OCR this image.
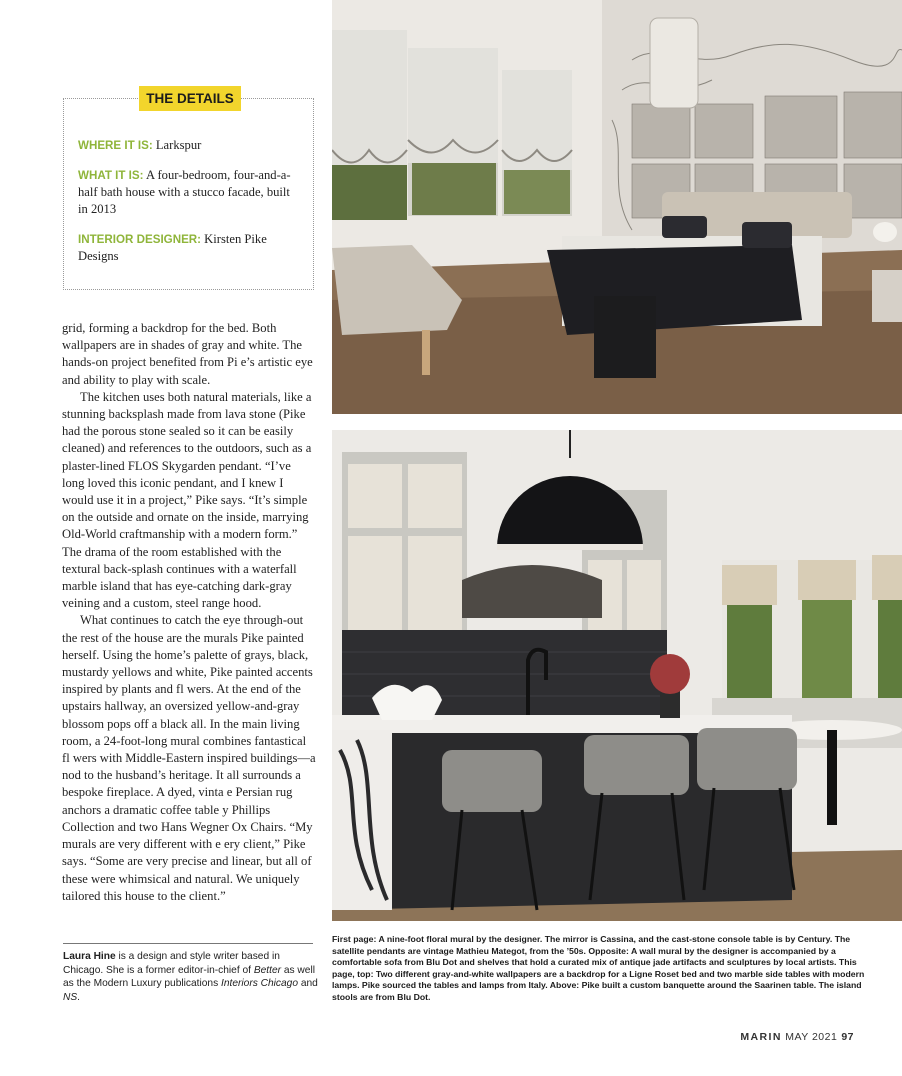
THE DETAILS
WHERE IT IS: Larkspur
WHAT IT IS: A four-bedroom, four-and-a-half bath house with a stucco facade, built in 2013
INTERIOR DESIGNER: Kirsten Pike Designs

grid, forming a backdrop for the bed. Both wallpapers are in shades of gray and white. The hands-on project benefited from Pi e’s artistic eye and ability to play with scale.

The kitchen uses both natural materials, like a stunning backsplash made from lava stone (Pike had the porous stone sealed so it can be easily cleaned) and references to the outdoors, such as a plaster-lined FLOS Skygarden pendant. “I’ve long loved this iconic pendant, and I knew I would use it in a project,” Pike says. “It’s simple on the outside and ornate on the inside, marrying Old-World craftmanship with a modern form.” The drama of the room established with the textural back-splash continues with a waterfall marble island that has eye-catching dark-gray veining and a custom, steel range hood.

What continues to catch the eye through-out the rest of the house are the murals Pike painted herself. Using the home’s palette of grays, black, mustardy yellows and white, Pike painted accents inspired by plants and fl wers. At the end of the upstairs hallway, an oversized yellow-and-gray blossom pops off a black all. In the main living room, a 24-foot-long mural combines fantastical fl wers with Middle-Eastern inspired buildings—a nod to the husband’s heritage. It all surrounds a bespoke fireplace. A dyed, vinta e Persian rug anchors a dramatic coffee table y Phillips Collection and two Hans Wegner Ox Chairs. “My murals are very different with e ery client,” Pike says. “Some are very precise and linear, but all of these were whimsical and natural. We uniquely tailored this house to the client.”

Laura Hine is a design and style writer based in Chicago. She is a former editor-in-chief of Better as well as the Modern Luxury publications Interiors Chicago and NS.
First page: A nine-foot floral mural by the designer. The mirror is Cassina, and the cast-stone console table is by Century. The satellite pendants are vintage Mathieu Mategot, from the ’50s. Opposite: A wall mural by the designer is accompanied by a comfortable sofa from Blu Dot and shelves that hold a curated mix of antique jade artifacts and sculptures by local artists. This page, top: Two different gray-and-white wallpapers are a backdrop for a Ligne Roset bed and two marble side tables with modern lamps. Pike sourced the tables and lamps from Italy. Above: Pike built a custom banquette around the Saarinen table. The island stools are from Blu Dot.
MARIN MAY 2021 97
